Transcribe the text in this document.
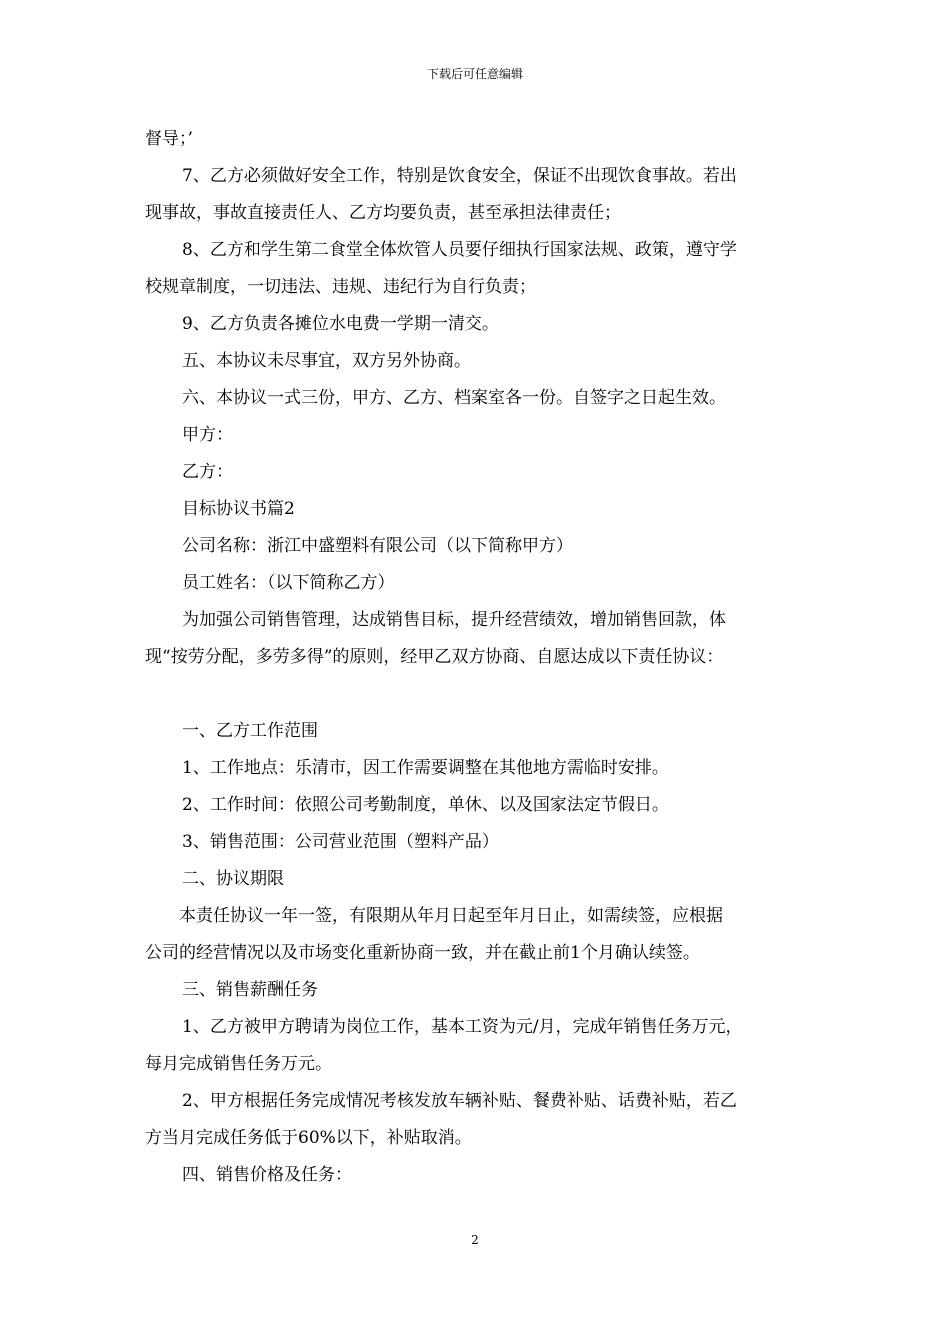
下载后可任意编辑

督导；’

7、乙方必须做好安全工作，特别是饮食安全，保证不出现饮食事故。若出

现事故，事故直接责任人、乙方均要负责，甚至承担法律责任；

8、乙方和学生第二食堂全体炊管人员要仔细执行国家法规、政策，遵守学

校规章制度，一切违法、违规、违纪行为自行负责；

9、乙方负责各摊位水电费一学期一清交。

五、本协议未尽事宜，双方另外协商。

六、本协议一式三份，甲方、乙方、档案室各一份。自签字之日起生效。

甲方：

乙方：

目标协议书篇2

公司名称：浙江中盛塑料有限公司（以下简称甲方）

员工姓名：（以下简称乙方）

为加强公司销售管理，达成销售目标，提升经营绩效，增加销售回款，体

现“按劳分配，多劳多得”的原则，经甲乙双方协商、自愿达成以下责任协议：

一、乙方工作范围

1、工作地点：乐清市，因工作需要调整在其他地方需临时安排。

2、工作时间：依照公司考勤制度，单休、以及国家法定节假日。

3、销售范围：公司营业范围（塑料产品）

二、协议期限

本责任协议一年一签，有限期从年月日起至年月日止，如需续签，应根据

公司的经营情况以及市场变化重新协商一致，并在截止前1个月确认续签。

三、销售薪酬任务

1、乙方被甲方聘请为岗位工作，基本工资为元/月，完成年销售任务万元，

每月完成销售任务万元。

2、甲方根据任务完成情况考核发放车辆补贴、餐费补贴、话费补贴，若乙

方当月完成任务低于60%以下，补贴取消。

四、销售价格及任务：

2
